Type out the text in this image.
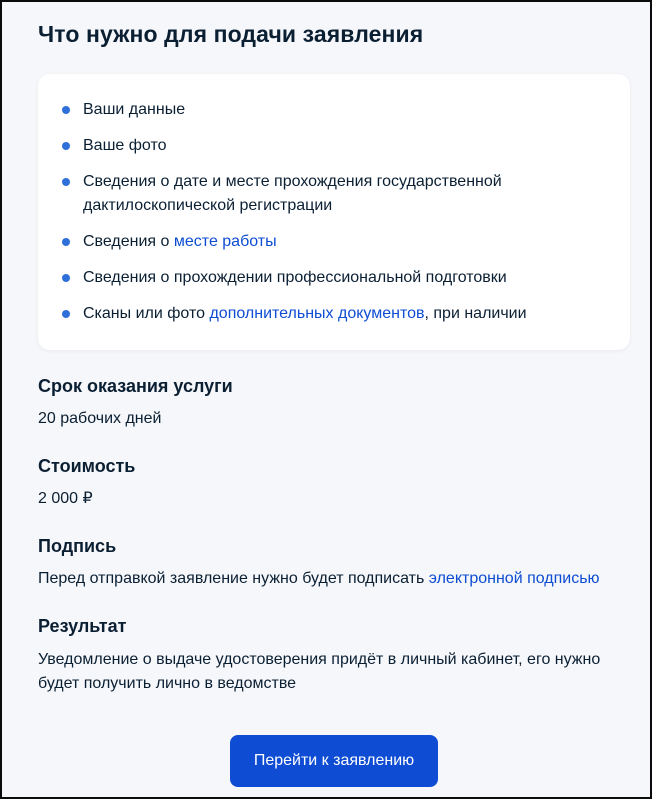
Что нужно для подачи заявления
Ваши данные
Ваше фото
Сведения о дате и месте прохождения государственной дактилоскопической регистрации
Сведения о месте работы
Сведения о прохождении профессиональной подготовки
Сканы или фото дополнительных документов, при наличии
Срок оказания услуги

20 рабочих дней

Стоимость

2 000 ₽

Подпись

Перед отправкой заявление нужно будет подписать электронной подписью

Результат

Уведомление о выдаче удостоверения придёт в личный кабинет, его нужно будет получить лично в ведомстве

Перейти к заявлению
